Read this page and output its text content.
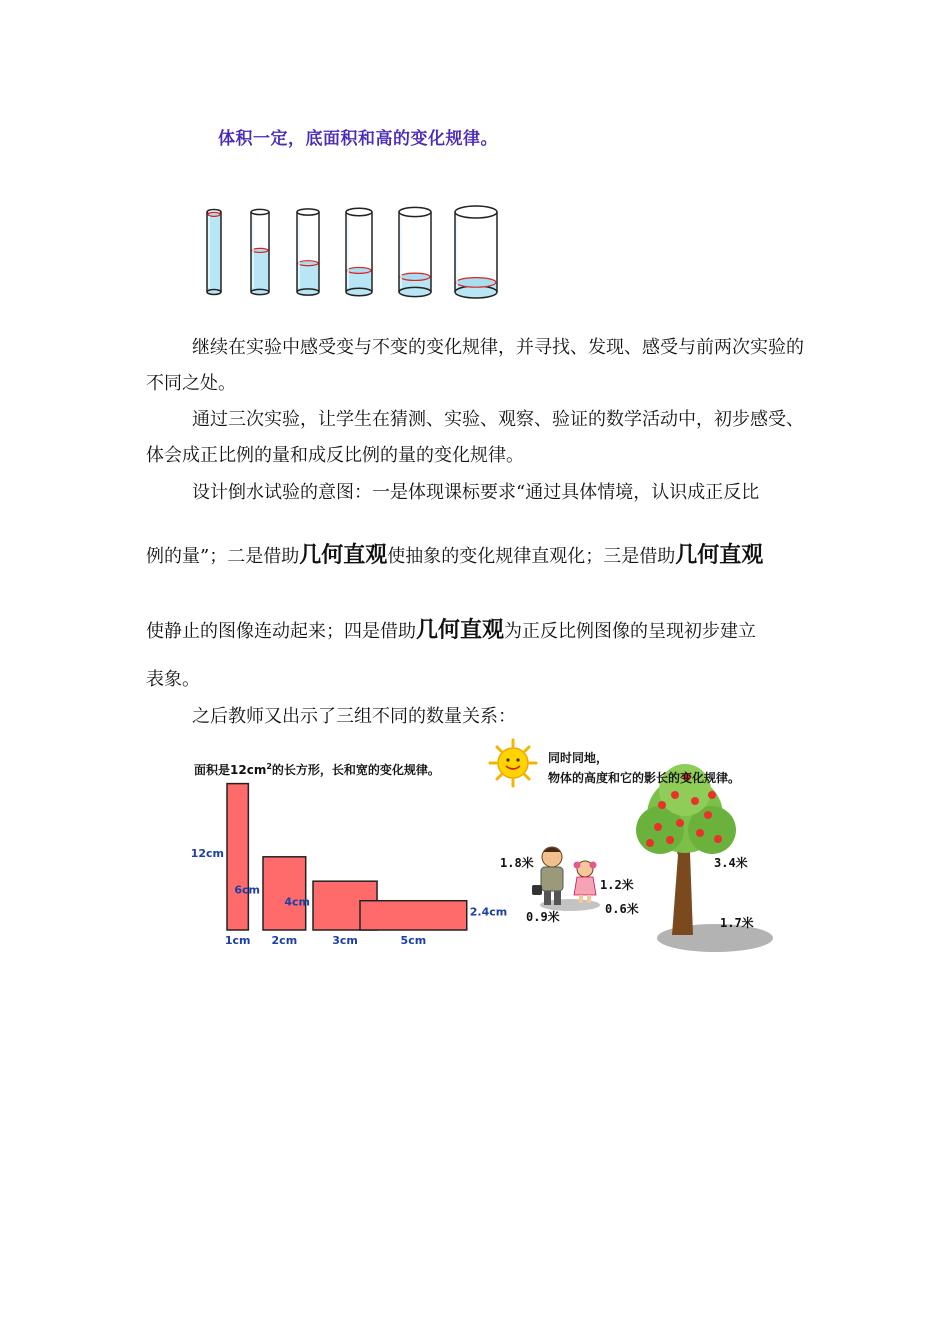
体积一定，底面积和高的变化规律。
继续在实验中感受变与不变的变化规律，并寻找、发现、感受与前两次实验的不同之处。
通过三次实验，让学生在猜测、实验、观察、验证的数学活动中，初步感受、体会成正比例的量和成反比例的量的变化规律。
设计倒水试验的意图：一是体现课标要求“通过具体情境，认识成正反比
例的量”；二是借助几何直观使抽象的变化规律直观化；三是借助几何直观
使静止的图像连动起来；四是借助几何直观为正反比例图像的呈现初步建立
表象。
之后教师又出示了三组不同的数量关系：
面积是$12cm^2$的长方形，长和宽的变化规律。
12cm
1cm
6cm
2cm
4cm
3cm
2.4cm
5cm
同时同地，
物体的高度和它的影长的变化规律。
1.8米
0.9米
1.2米
0.6米
3.4米
1.7米
